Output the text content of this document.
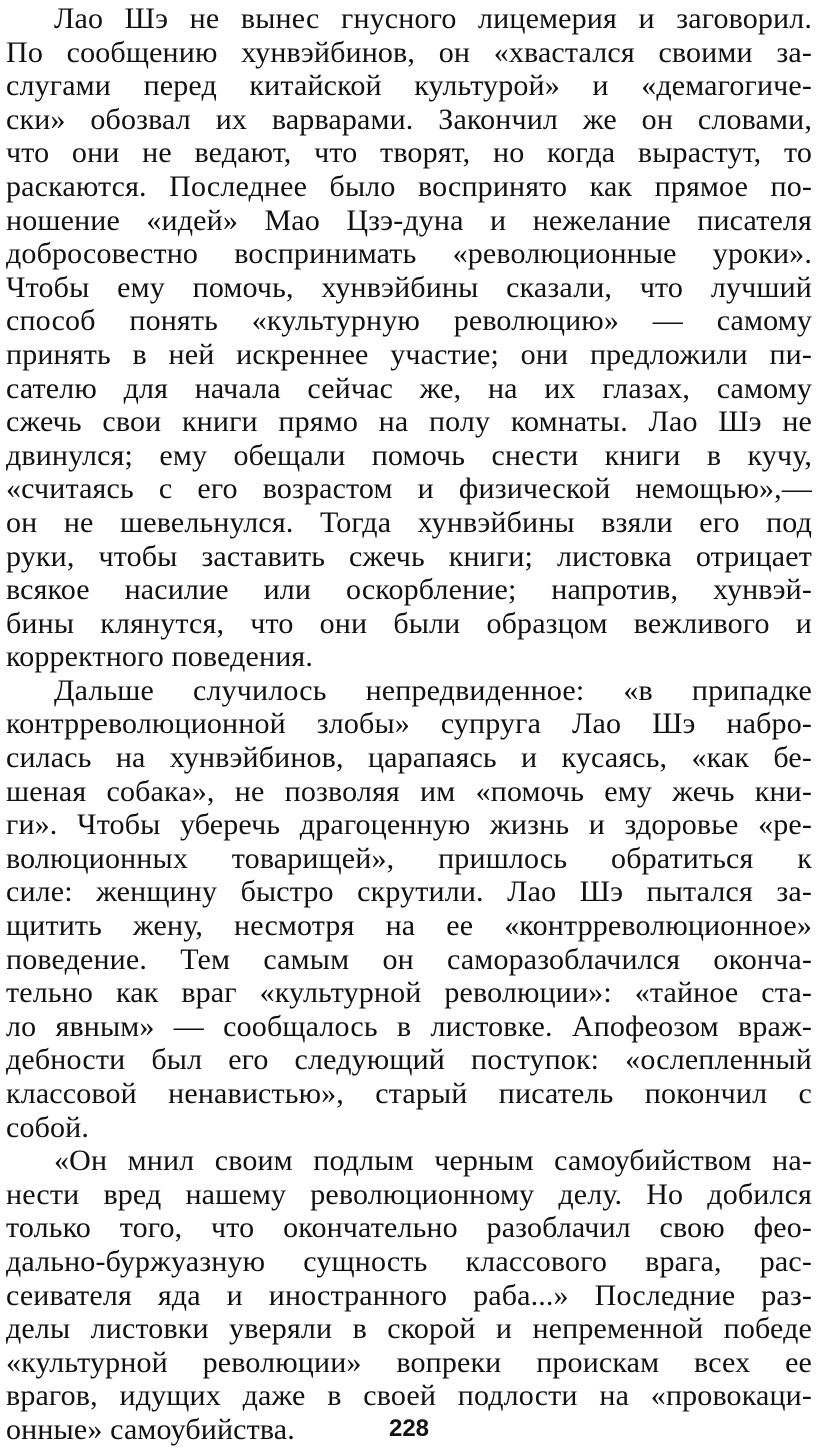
Лао Шэ не вынес гнусного лицемерия и заговорил.
По сообщению хунвэйбинов, он «хвастался своими за-
слугами перед китайской культурой» и «демагогиче-
ски» обозвал их варварами. Закончил же он словами,
что они не ведают, что творят, но когда вырастут, то
раскаются. Последнее было воспринято как прямое по-
ношение «идей» Мао Цзэ-дуна и нежелание писателя
добросовестно воспринимать «революционные уроки».
Чтобы ему помочь, хунвэйбины сказали, что лучший
способ понять «культурную революцию» — самому
принять в ней искреннее участие; они предложили пи-
сателю для начала сейчас же, на их глазах, самому
сжечь свои книги прямо на полу комнаты. Лао Шэ не
двинулся; ему обещали помочь снести книги в кучу,
«считаясь с его возрастом и физической немощью»,—
он не шевельнулся. Тогда хунвэйбины взяли его под
руки, чтобы заставить сжечь книги; листовка отрицает
всякое насилие или оскорбление; напротив, хунвэй-
бины клянутся, что они были образцом вежливого и
корректного поведения.
Дальше случилось непредвиденное: «в припадке
контрреволюционной злобы» супруга Лао Шэ набро-
силась на хунвэйбинов, царапаясь и кусаясь, «как бе-
шеная собака», не позволяя им «помочь ему жечь кни-
ги». Чтобы уберечь драгоценную жизнь и здоровье «ре-
волюционных товарищей», пришлось обратиться к
силе: женщину быстро скрутили. Лао Шэ пытался за-
щитить жену, несмотря на ее «контрреволюционное»
поведение. Тем самым он саморазоблачился оконча-
тельно как враг «культурной революции»: «тайное ста-
ло явным» — сообщалось в листовке. Апофеозом враж-
дебности был его следующий поступок: «ослепленный
классовой ненавистью», старый писатель покончил с
собой.
«Он мнил своим подлым черным самоубийством на-
нести вред нашему революционному делу. Но добился
только того, что окончательно разоблачил свою фео-
дально-буржуазную сущность классового врага, рас-
сеивателя яда и иностранного раба...» Последние раз-
делы листовки уверяли в скорой и непременной победе
«культурной революции» вопреки проискам всех ее
врагов, идущих даже в своей подлости на «провокаци-
онные» самоубийства.	228
